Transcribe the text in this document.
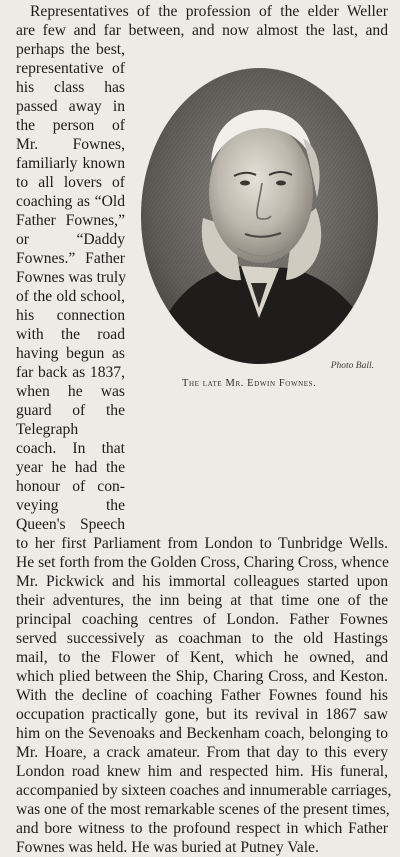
Representatives of the profession of the elder Weller
are few and far between, and now almost the last, and
perhaps the best,
representative of
his class has
passed away in
the person of
Mr. Fownes,
familiarly known
to all lovers of
coaching as “Old
Father Fownes,”
or “Daddy
Fownes.” Father
Fownes was truly
of the old school,
his connection
with the road
having begun as
far back as 1837,
when he was
guard of the
Telegraph
coach. In that
year he had the
honour of con-
veying the
Queen's Speech
to her first Parliament from London to Tunbridge Wells.
He set forth from the Golden Cross, Charing Cross, whence
Mr. Pickwick and his immortal colleagues started upon
their adventures, the inn being at that time one of the
principal coaching centres of London. Father Fownes
served successively as coachman to the old Hastings
mail, to the Flower of Kent, which he owned, and
which plied between the Ship, Charing Cross, and Keston.
With the decline of coaching Father Fownes found his
occupation practically gone, but its revival in 1867 saw
him on the Sevenoaks and Beckenham coach, belonging to
Mr. Hoare, a crack amateur. From that day to this every
London road knew him and respected him. His funeral,
accompanied by sixteen coaches and innumerable carriages,
was one of the most remarkable scenes of the present times,
and bore witness to the profound respect in which Father
Fownes was held. He was buried at Putney Vale.
Photo Ball.
The late Mr. Edwin Fownes.
